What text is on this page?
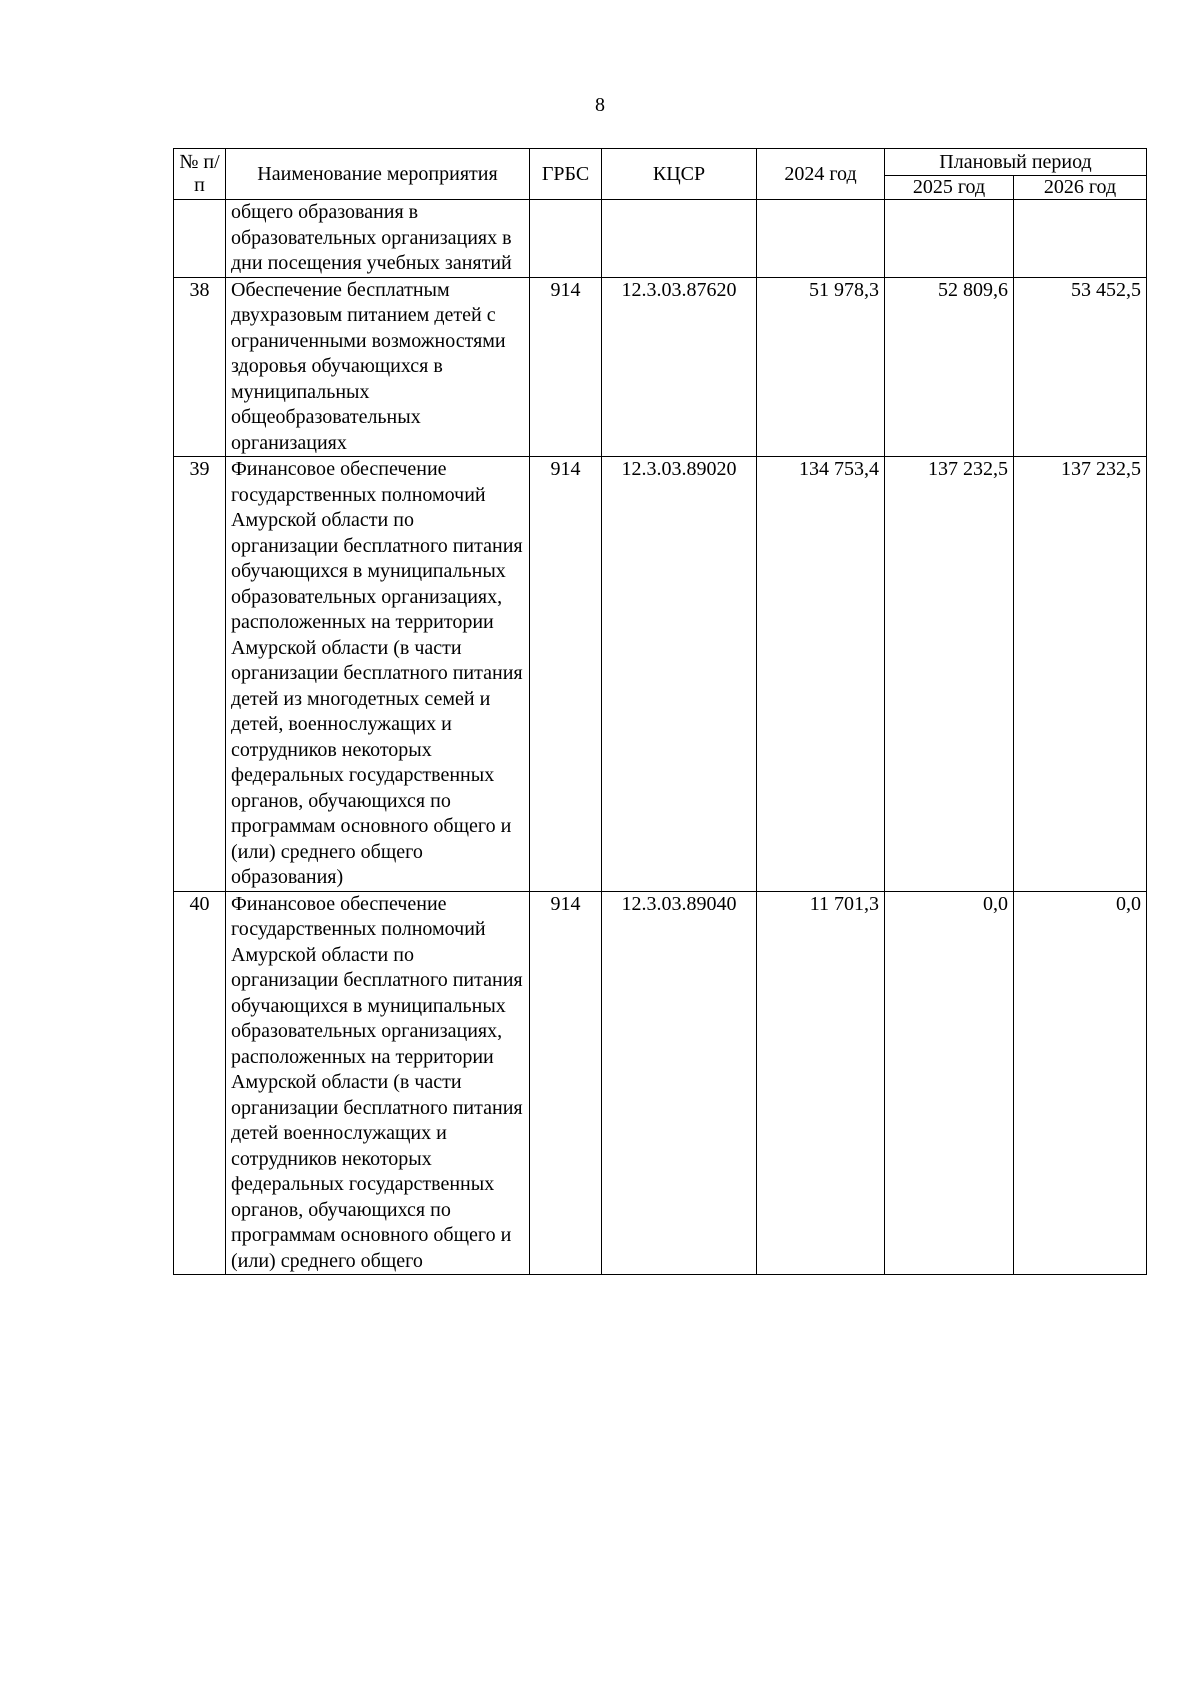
8
№ п/п	Наименование мероприятия	ГРБС	КЦСР	2024 год	Плановый период	
					2025 год	2026 год
	общего образования в образовательных организациях в дни посещения учебных занятий					
38	Обеспечение бесплатным двухразовым питанием детей с ограниченными возможностями здоровья обучающихся в муниципальных общеобразовательных организациях	914	12.3.03.87620	51 978,3	52 809,6	53 452,5
39	Финансовое обеспечение государственных полномочий Амурской области по организации бесплатного питания обучающихся в муниципальных образовательных организациях, расположенных на территории Амурской области (в части организации бесплатного питания детей из многодетных семей и детей, военнослужащих и сотрудников некоторых федеральных государственных органов, обучающихся по программам основного общего и (или) среднего общего образования)	914	12.3.03.89020	134 753,4	137 232,5	137 232,5
40	Финансовое обеспечение государственных полномочий Амурской области по организации бесплатного питания обучающихся в муниципальных образовательных организациях, расположенных на территории Амурской области (в части организации бесплатного питания детей военнослужащих и сотрудников некоторых федеральных государственных органов, обучающихся по программам основного общего и (или) среднего общего	914	12.3.03.89040	11 701,3	0,0	0,0
